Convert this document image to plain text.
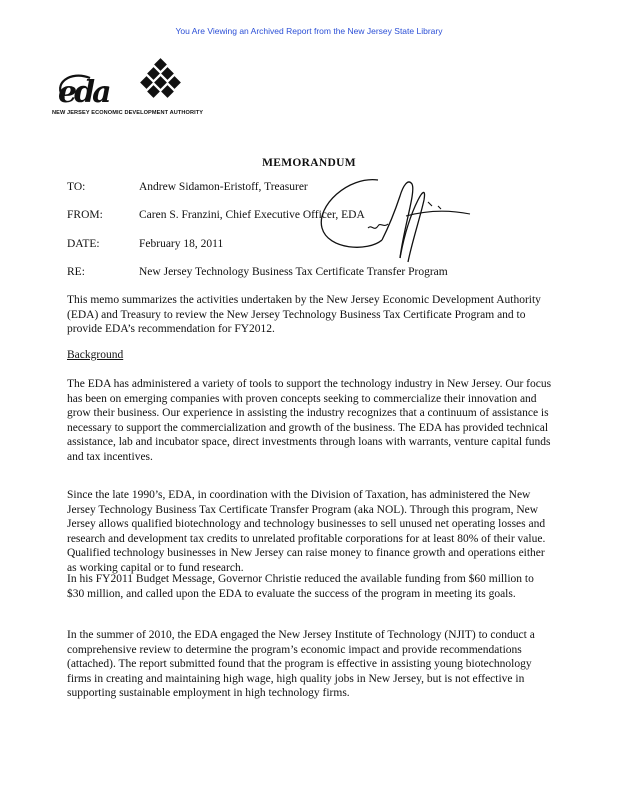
You Are Viewing an Archived Report from the New Jersey State Library
eda
NEW JERSEY ECONOMIC DEVELOPMENT AUTHORITY
MEMORANDUM
TO:	Andrew Sidamon-Eristoff, Treasurer
FROM:	Caren S. Franzini, Chief Executive Officer, EDA
DATE:	February 18, 2011
RE:	New Jersey Technology Business Tax Certificate Transfer Program

This memo summarizes the activities undertaken by the New Jersey Economic Development Authority (EDA) and Treasury to review the New Jersey Technology Business Tax Certificate Program and to provide EDA’s recommendation for FY2012.

Background

The EDA has administered a variety of tools to support the technology industry in New Jersey. Our focus has been on emerging companies with proven concepts seeking to commercialize their innovation and grow their business. Our experience in assisting the industry recognizes that a continuum of assistance is necessary to support the commercialization and growth of the business. The EDA has provided technical assistance, lab and incubator space, direct investments through loans with warrants, venture capital funds and tax incentives.

Since the late 1990’s, EDA, in coordination with the Division of Taxation, has administered the New Jersey Technology Business Tax Certificate Transfer Program (aka NOL). Through this program, New Jersey allows qualified biotechnology and technology businesses to sell unused net operating losses and research and development tax credits to unrelated profitable corporations for at least 80% of their value. Qualified technology businesses in New Jersey can raise money to finance growth and operations either as working capital or to fund research.

In his FY2011 Budget Message, Governor Christie reduced the available funding from $60 million to $30 million, and called upon the EDA to evaluate the success of the program in meeting its goals.

In the summer of 2010, the EDA engaged the New Jersey Institute of Technology (NJIT) to conduct a comprehensive review to determine the program’s economic impact and provide recommendations (attached). The report submitted found that the program is effective in assisting young biotechnology firms in creating and maintaining high wage, high quality jobs in New Jersey, but is not effective in supporting sustainable employment in high technology firms.
